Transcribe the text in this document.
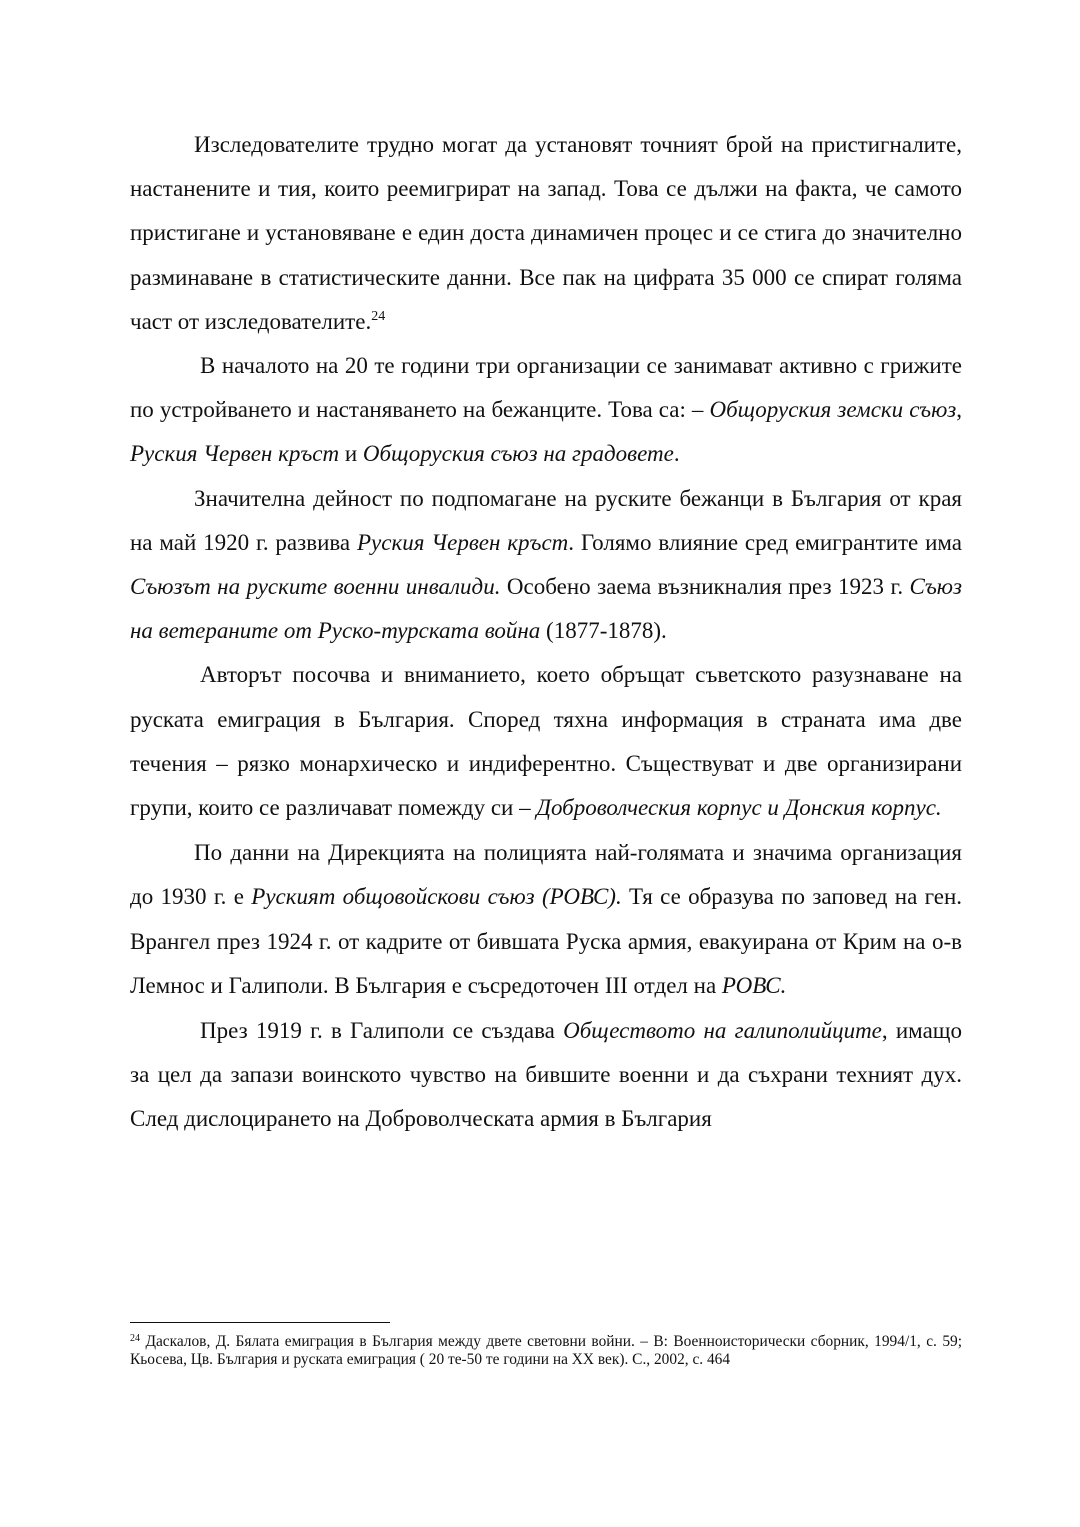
Изследователите трудно могат да установят точният брой на пристигналите, настанените и тия, които реемигрират на запад. Това се дължи на факта, че самото пристигане и установяване е един доста динамичен процес и се стига до значително разминаване в статистическите данни. Все пак на цифрата 35 000 се спират голяма част от изследователите.$^{24}$

В началото на 20 те години три организации се занимават активно с грижите по устройването и настаняването на бежанците. Това са: – Общоруския земски съюз, Руския Червен кръст и Общоруския съюз на градовете.

Значителна дейност по подпомагане на руските бежанци в България от края на май 1920 г. развива Руския Червен кръст. Голямо влияние сред емигрантите има Съюзът на руските военни инвалиди. Особено заема възникналия през 1923 г. Съюз на ветераните от Руско-турската война (1877-1878).

Авторът посочва и вниманието, което обръщат съветското разузнаване на руската емиграция в България. Според тяхна информация в страната има две течения – рязко монархическо и индиферентно. Съществуват и две организирани групи, които се различават помежду си – Доброволческия корпус и Донския корпус.

По данни на Дирекцията на полицията най-голямата и значима организация до 1930 г. е Руският общовойскови съюз (РОВС). Тя се образува по заповед на ген. Врангел през 1924 г. от кадрите от бившата Руска армия, евакуирана от Крим на о-в Лемнос и Галиполи. В България е съсредоточен III отдел на РОВС.

През 1919 г. в Галиполи се създава Обществото на галиполийците, имащо за цел да запази воинското чувство на бившите военни и да съхрани техният дух. След дислоцирането на Доброволческата армия в България

$^{24}$ Даскалов, Д. Бялата емиграция в България между двете световни войни. – В: Военноисторически сборник, 1994/1, с. 59; Кьосева, Цв. България и руската емиграция ( 20 те-50 те години на XX век). С., 2002, с. 464
